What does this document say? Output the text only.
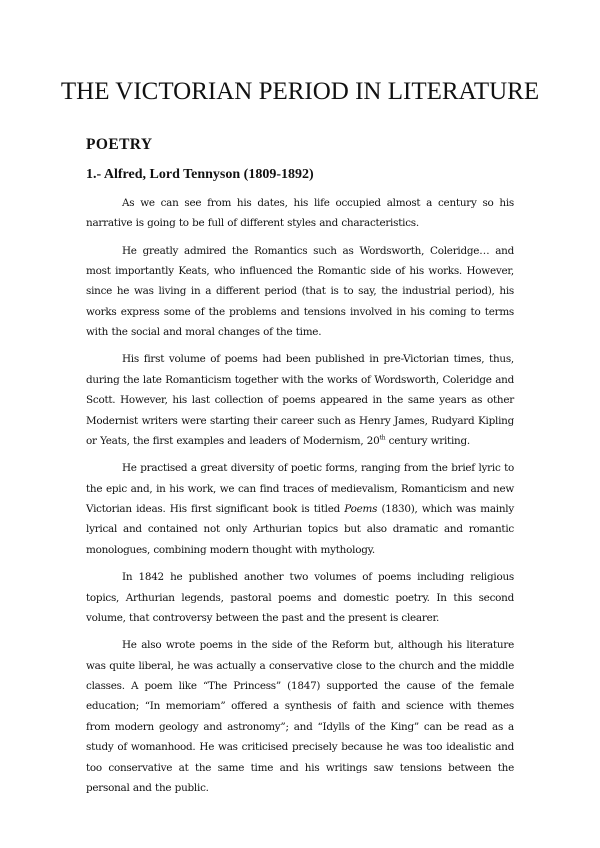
THE VICTORIAN PERIOD IN LITERATURE
POETRY
1.- Alfred, Lord Tennyson (1809-1892)

As we can see from his dates, his life occupied almost a century so his narrative is going to be full of different styles and characteristics.

He greatly admired the Romantics such as Wordsworth, Coleridge… and most importantly Keats, who influenced the Romantic side of his works. However, since he was living in a different period (that is to say, the industrial period), his works express some of the problems and tensions involved in his coming to terms with the social and moral changes of the time.

His first volume of poems had been published in pre-Victorian times, thus, during the late Romanticism together with the works of Wordsworth, Coleridge and Scott. However, his last collection of poems appeared in the same years as other Modernist writers were starting their career such as Henry James, Rudyard Kipling or Yeats, the first examples and leaders of Modernism, 20th century writing.

He practised a great diversity of poetic forms, ranging from the brief lyric to the epic and, in his work, we can find traces of medievalism, Romanticism and new Victorian ideas. His first significant book is titled Poems (1830), which was mainly lyrical and contained not only Arthurian topics but also dramatic and romantic monologues, combining modern thought with mythology.

In 1842 he published another two volumes of poems including religious topics, Arthurian legends, pastoral poems and domestic poetry. In this second volume, that controversy between the past and the present is clearer.

He also wrote poems in the side of the Reform but, although his literature was quite liberal, he was actually a conservative close to the church and the middle classes. A poem like “The Princess” (1847) supported the cause of the female education; “In memoriam” offered a synthesis of faith and science with themes from modern geology and astronomy”; and “Idylls of the King” can be read as a study of womanhood. He was criticised precisely because he was too idealistic and too conservative at the same time and his writings saw tensions between the personal and the public.
